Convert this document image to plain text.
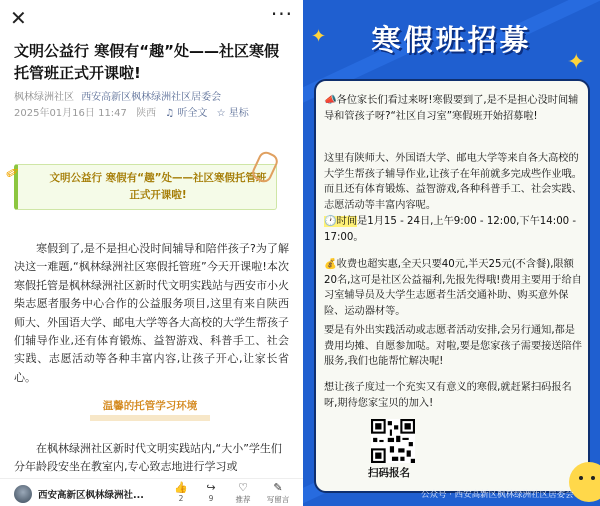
✕	···
文明公益行 寒假有“趣”处——社区寒假托管班正式开课啦!
枫林绿洲社区 西安高新区枫林绿洲社区居委会
2025年01月16日 11:47 陕西 ♫ 听全文 ☆ 星标
✏	文明公益行 寒假有“趣”处——社区寒假托管班正式开课啦!
寒假到了,是不是担心没时间辅导和陪伴孩子?为了解决这一难题,“枫林绿洲社区寒假托管班”今天开课啦!本次寒假托管是枫林绿洲社区新时代文明实践站与西安市小火柴志愿者服务中心合作的公益服务项目,这里有来自陕西师大、外国语大学、邮电大学等各大高校的大学生帮孩子们辅导作业,还有体育锻炼、益智游戏、科普手工、社会实践、志愿活动等各种丰富内容,让孩子开心,让家长省心。
温馨的托管学习环境
在枫林绿洲社区新时代文明实践站内,“大小”学生们分年龄段安坐在教室内,专心致志地进行学习或
西安高新区枫林绿洲社...
👍
2
↪
9
♡
推荐
✎
写留言
✦
✦
寒假班招募
📣各位家长们看过来呀!寒假要到了,是不是担心没时间辅导和管孩子呀?“社区自习室”寒假班开始招募啦!
这里有陕师大、外国语大学、邮电大学等来自各大高校的大学生帮孩子辅导作业,让孩子在年前就多完成些作业哦。而且还有体育锻炼、益智游戏,各种科普手工、社会实践、志愿活动等丰富内容呢。
🕐时间是1月15 - 24日,上午9:00 - 12:00,下午14:00 - 17:00。
💰收费也超实惠,全天只要40元,半天25元(不含餐),限额20名,这可是社区公益福利,先报先得哦!费用主要用于给自习室辅导员及大学生志愿者生活交通补助、购买意外保险、运动器材等。
要是有外出实践活动或志愿者活动安排,会另行通知,都是费用均摊、自愿参加哒。对啦,要是您家孩子需要接送陪伴服务,我们也能帮忙解决呢!
想让孩子度过一个充实又有意义的寒假,就赶紧扫码报名呀,期待您家宝贝的加入!
扫码报名
公众号 · 西安高新区枫林绿洲社区居委会
